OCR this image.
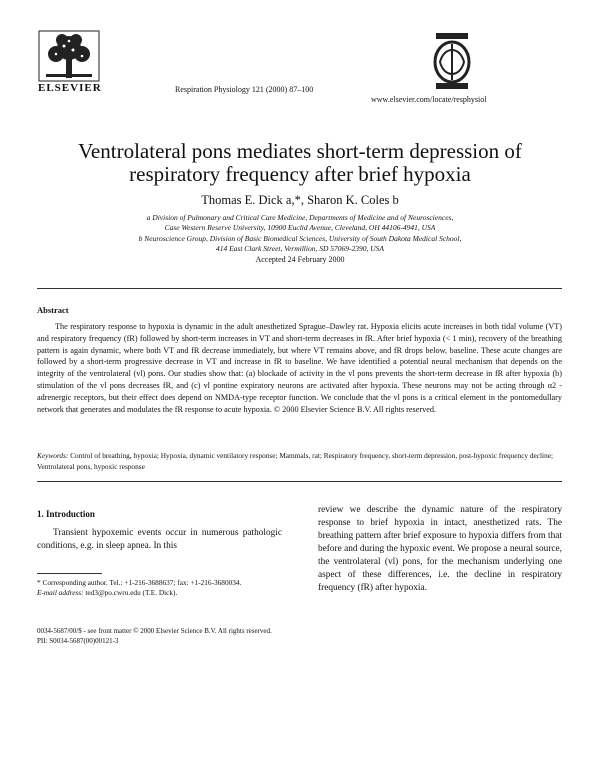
ELSEVIER	Respiration Physiology 121 (2000) 87–100
www.elsevier.com/locate/resphysiol
Ventrolateral pons mediates short-term depression of
respiratory frequency after brief hypoxia
Thomas E. Dick a,*, Sharon K. Coles b
a Division of Pulmonary and Critical Care Medicine, Departments of Medicine and of Neurosciences,
Case Western Reserve University, 10900 Euclid Avenue, Cleveland, OH 44106-4941, USA
b Neuroscience Group, Division of Basic Biomedical Sciences, University of South Dakota Medical School,
414 East Clark Street, Vermillion, SD 57069-2390, USA
Accepted 24 February 2000
Abstract
The respiratory response to hypoxia is dynamic in the adult anesthetized Sprague–Dawley rat. Hypoxia elicits acute increases in both tidal volume (VT) and respiratory frequency (fR) followed by short-term increases in VT and short-term decreases in fR. After brief hypoxia (< 1 min), recovery of the breathing pattern is again dynamic, where both VT and fR decrease immediately, but where VT remains above, and fR drops below, baseline. These acute changes are followed by a short-term progressive decrease in VT and increase in fR to baseline. We have identified a potential neural mechanism that depends on the integrity of the ventrolateral (vl) pons. Our studies show that: (a) blockade of activity in the vl pons prevents the short-term decrease in fR after hypoxia (b) stimulation of the vl pons decreases fR, and (c) vl pontine expiratory neurons are activated after hypoxia. These neurons may not be acting through α2 -adrenergic receptors, but their effect does depend on NMDA-type receptor function. We conclude that the vl pons is a critical element in the pontomedullary network that generates and modulates the fR response to acute hypoxia. © 2000 Elsevier Science B.V. All rights reserved.
Keywords: Control of breathing, hypoxia; Hypoxia, dynamic ventilatory response; Mammals, rat; Respiratory frequency, short-term depression, post-hypoxic frequency decline; Ventrolateral pons, hypoxic response
1. Introduction
Transient hypoxemic events occur in numerous pathologic conditions, e.g. in sleep apnea. In this
review we describe the dynamic nature of the respiratory response to brief hypoxia in intact, anesthetized rats. The breathing pattern after brief exposure to hypoxia differs from that before and during the hypoxic event. We propose a neural source, the ventrolateral (vl) pons, for the mechanism underlying one aspect of these differences, i.e. the decline in respiratory frequency (fR) after hypoxia.
* Corresponding author. Tel.: +1-216-3688637; fax: +1-216-3680034.
E-mail address: ted3@po.cwru.edu (T.E. Dick).
0034-5687/00/$ - see front matter © 2000 Elsevier Science B.V. All rights reserved.
PII: S0034-5687(00)00121-3
